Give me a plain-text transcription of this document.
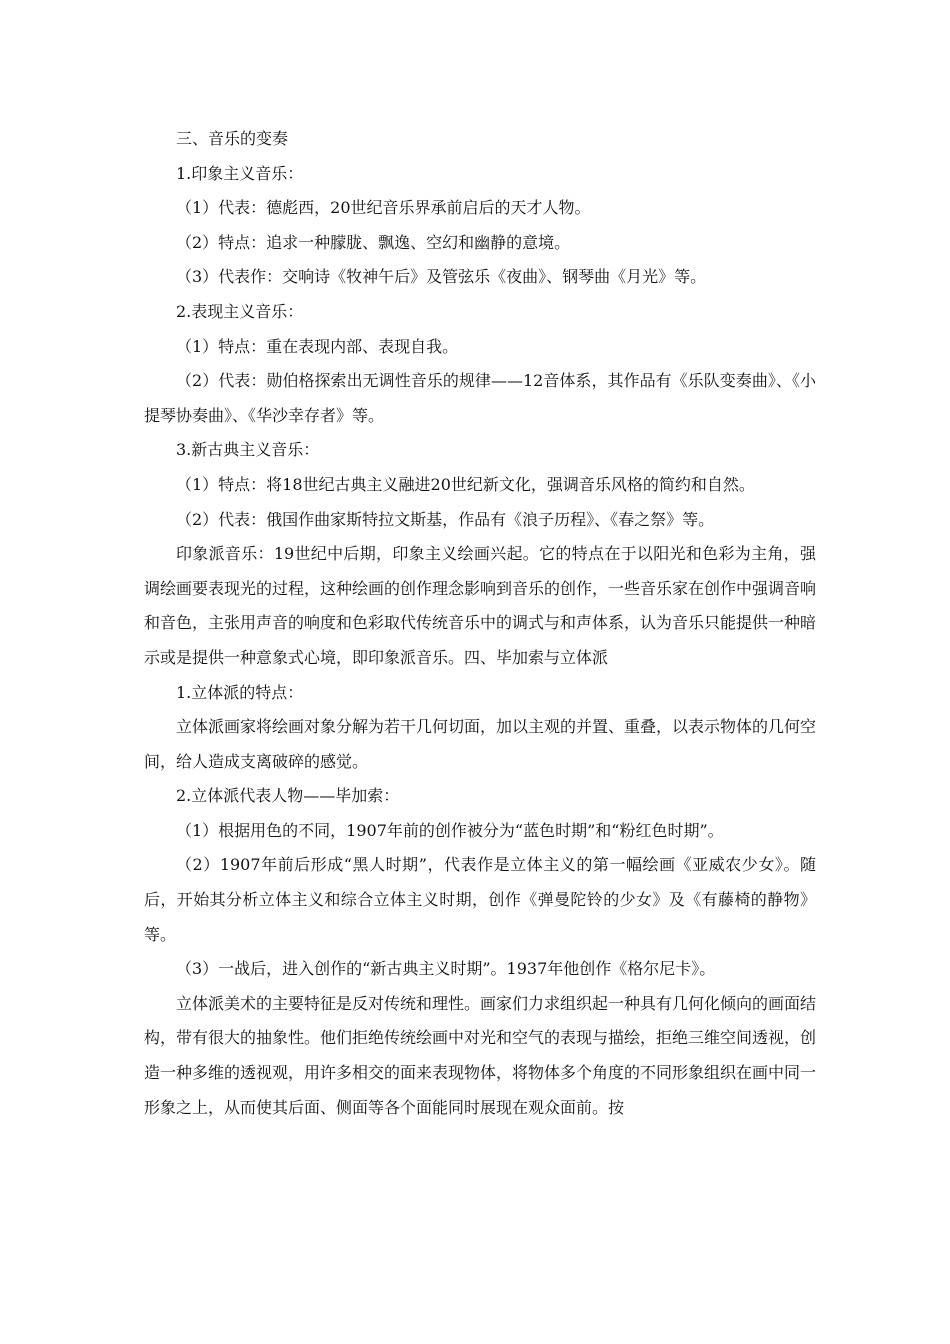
三、音乐的变奏

1.印象主义音乐：

（1）代表：德彪西，20世纪音乐界承前启后的天才人物。

（2）特点：追求一种朦胧、飘逸、空幻和幽静的意境。

（3）代表作：交响诗《牧神午后》及管弦乐《夜曲》、钢琴曲《月光》等。

2.表现主义音乐：

（1）特点：重在表现内部、表现自我。

（2）代表：勋伯格探索出无调性音乐的规律——12音体系，其作品有《乐队变奏曲》、《小提琴协奏曲》、《华沙幸存者》等。

3.新古典主义音乐：

（1）特点：将18世纪古典主义融进20世纪新文化，强调音乐风格的简约和自然。

（2）代表：俄国作曲家斯特拉文斯基，作品有《浪子历程》、《春之祭》等。

印象派音乐：19世纪中后期，印象主义绘画兴起。它的特点在于以阳光和色彩为主角，强调绘画要表现光的过程，这种绘画的创作理念影响到音乐的创作，一些音乐家在创作中强调音响和音色，主张用声音的响度和色彩取代传统音乐中的调式与和声体系，认为音乐只能提供一种暗示或是提供一种意象式心境，即印象派音乐。四、毕加索与立体派

1.立体派的特点：

立体派画家将绘画对象分解为若干几何切面，加以主观的并置、重叠，以表示物体的几何空间，给人造成支离破碎的感觉。

2.立体派代表人物——毕加索：

（1）根据用色的不同，1907年前的创作被分为“蓝色时期”和“粉红色时期”。

（2）1907年前后形成“黑人时期”，代表作是立体主义的第一幅绘画《亚威农少女》。随后，开始其分析立体主义和综合立体主义时期，创作《弹曼陀铃的少女》及《有藤椅的静物》等。

（3）一战后，进入创作的“新古典主义时期”。1937年他创作《格尔尼卡》。

立体派美术的主要特征是反对传统和理性。画家们力求组织起一种具有几何化倾向的画面结构，带有很大的抽象性。他们拒绝传统绘画中对光和空气的表现与描绘，拒绝三维空间透视，创造一种多维的透视观，用许多相交的面来表现物体，将物体多个角度的不同形象组织在画中同一形象之上，从而使其后面、侧面等各个面能同时展现在观众面前。按
